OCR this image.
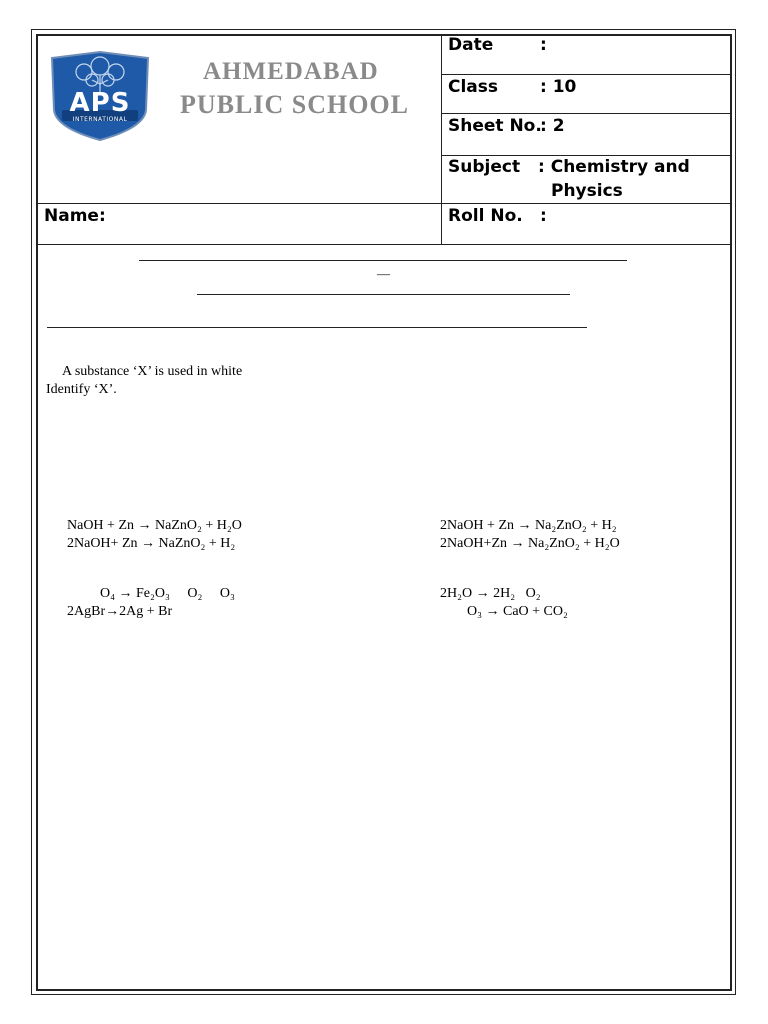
APS
INTERNATIONAL
AHMEDABAD
PUBLIC SCHOOL
Date	:
Class : 10
Sheet No.
: 2
Subject : Chemistry and
Physics
Name:	Roll No. :
—
A substance ‘X’ is used in white
Identify ‘X’.
NaOH + Zn → NaZnO₂ + H₂O
2NaOH+ Zn → NaZnO₂ + H₂
2NaOH + Zn → Na₂ZnO₂ + H₂
2NaOH+Zn → Na₂ZnO₂ + H₂O
O₄ → Fe₂O₃     O₂     O₃
2AgBr→2Ag + Br
2H₂O → 2H₂   O₂
O₃ → CaO + CO₂
